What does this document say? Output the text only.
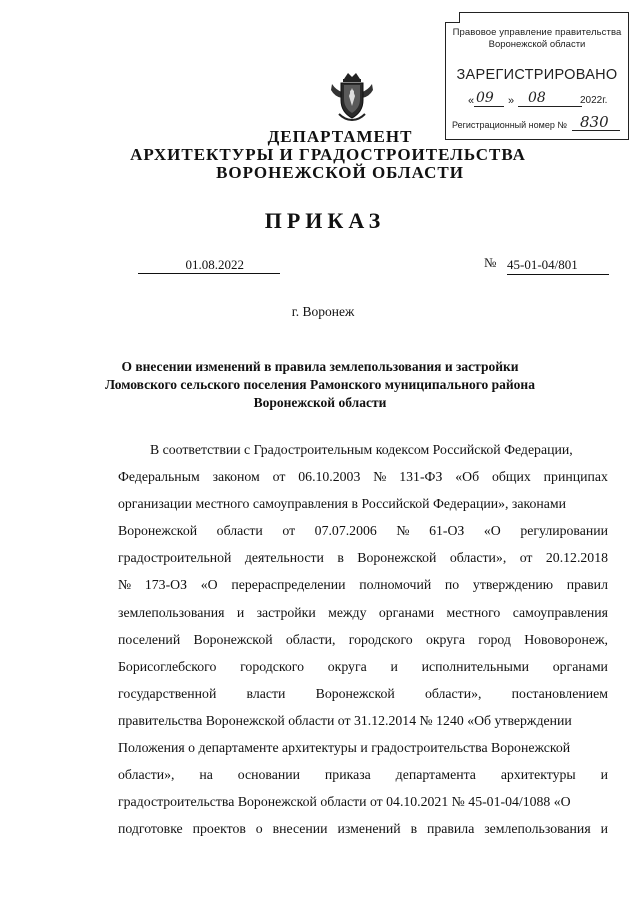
Правовое управление правительства
Воронежской области
ЗАРЕГИСТРИРОВАНО
« 09 » 08	2022г.
Регистрационный номер № 830
ДЕПАРТАМЕНТ
АРХИТЕКТУРЫ И ГРАДОСТРОИТЕЛЬСТВА
ВОРОНЕЖСКОЙ ОБЛАСТИ
ПРИКАЗ
01.08.2022	№ 45-01-04/801
г. Воронеж
О внесении изменений в правила землепользования и застройки
Ломовского сельского поселения Рамонского муниципального района
Воронежской области
В соответствии с Градостроительным кодексом Российской Федерации,
Федеральным законом от 06.10.2003 № 131-ФЗ «Об общих принципах
организации местного самоуправления в Российской Федерации», законами
Воронежской области от 07.07.2006 № 61-ОЗ «О регулировании
градостроительной деятельности в Воронежской области», от 20.12.2018
№ 173-ОЗ «О перераспределении полномочий по утверждению правил
землепользования и застройки между органами местного самоуправления
поселений Воронежской области, городского округа город Нововоронеж,
Борисоглебского городского округа и исполнительными органами
государственной власти Воронежской области», постановлением
правительства Воронежской области от 31.12.2014 № 1240 «Об утверждении
Положения о департаменте архитектуры и градостроительства Воронежской
области», на основании приказа департамента архитектуры и
градостроительства Воронежской области от 04.10.2021 № 45-01-04/1088 «О
подготовке проектов о внесении изменений в правила землепользования и
